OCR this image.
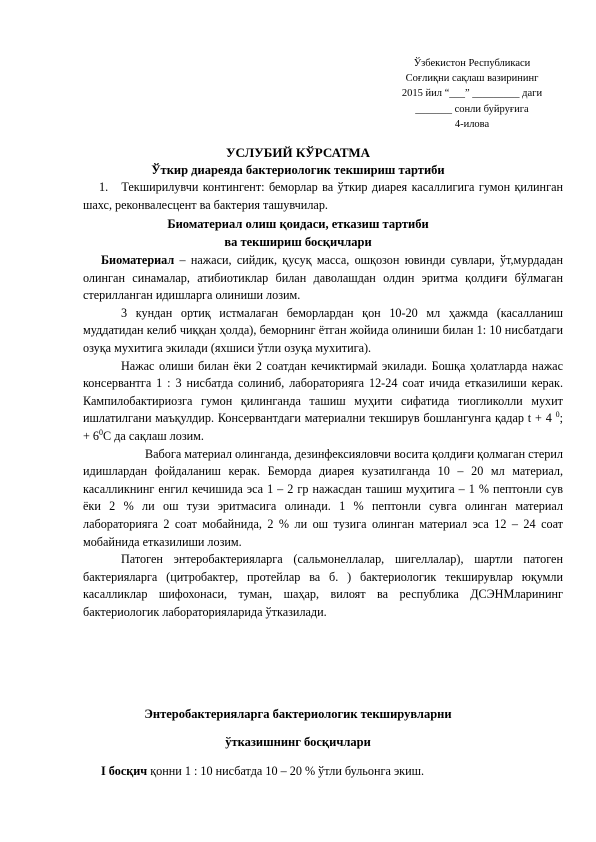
Ўзбекистон Республикаси
Соғлиқни сақлаш вазирининг
2015 йил “___” _________ даги
_______ сонли буйруғига
4-илова
УСЛУБИЙ КЎРСАТМА
Ўткир диареяда бактериологик текшириш тартиби

1. Текширилувчи контингент: беморлар ва ўткир диарея касаллигига гумон қилинган шахс, реконвалесцент ва бактерия ташувчилар.

Биоматериал олиш қоидаси, етказиш тартиби
ва текшириш босқичлари

Биоматериал – нажаси, сийдик, қусуқ масса, ошқозон ювинди сувлари, ўт,мурдадан олинган синамалар, атибиотиклар билан даволашдан олдин эритма қолдиғи бўлмаган стерилланган идишларга олиниши лозим.

3 кундан ортиқ истмалаган беморлардан қон 10-20 мл ҳажмда (касалланиш муддатидан келиб чиққан ҳолда), беморнинг ётган жойида олиниши билан 1: 10 нисбатдаги озуқа мухитига экилади (яхшиси ўтли озуқа мухитига).

Нажас олиши билан ёки 2 соатдан кечиктирмай экилади. Бошқа ҳолатларда нажас консервантга 1 : 3 нисбатда солиниб, лабораторияга 12-24 соат ичида етказилиши керак. Кампилобактириозга гумон қилинганда ташиш муҳити сифатида тиогликолли мухит ишлатилгани маъқулдир. Консервантдаги материални текширув бошлангунга қадар t + 4 $^0$; + $6^0С$ да сақлаш лозим.

Вабога материал олинганда, дезинфексияловчи восита қолдиғи қолмаган стерил идишлардан фойдаланиш керак. Беморда диарея кузатилганда 10 – 20 мл материал, касалликнинг енгил кечишида эса 1 – 2 гр нажасдан ташиш муҳитига – 1 % пептонли сув ёки 2 % ли ош тузи эритмасига олинади. 1 % пептонли сувга олинган материал лабораторияга 2 соат мобайнида, 2 % ли ош тузига олинган материал эса 12 – 24 соат мобайнида етказилиши лозим.

Патоген энтеробактерияларга (сальмонеллалар, шигеллалар), шартли патоген бактерияларга (цитробактер, протейлар ва б. ) бактериологик текширувлар юқумли касалликлар шифохонаси, туман, шаҳар, вилоят ва республика ДСЭНМларининг бактериологик лабораторияларида ўтказилади.

Энтеробактерияларга бактериологик текширувларни
ўтказишнинг босқичлари

I босқич қонни 1 : 10 нисбатда 10 – 20 % ўтли бульонга экиш.
